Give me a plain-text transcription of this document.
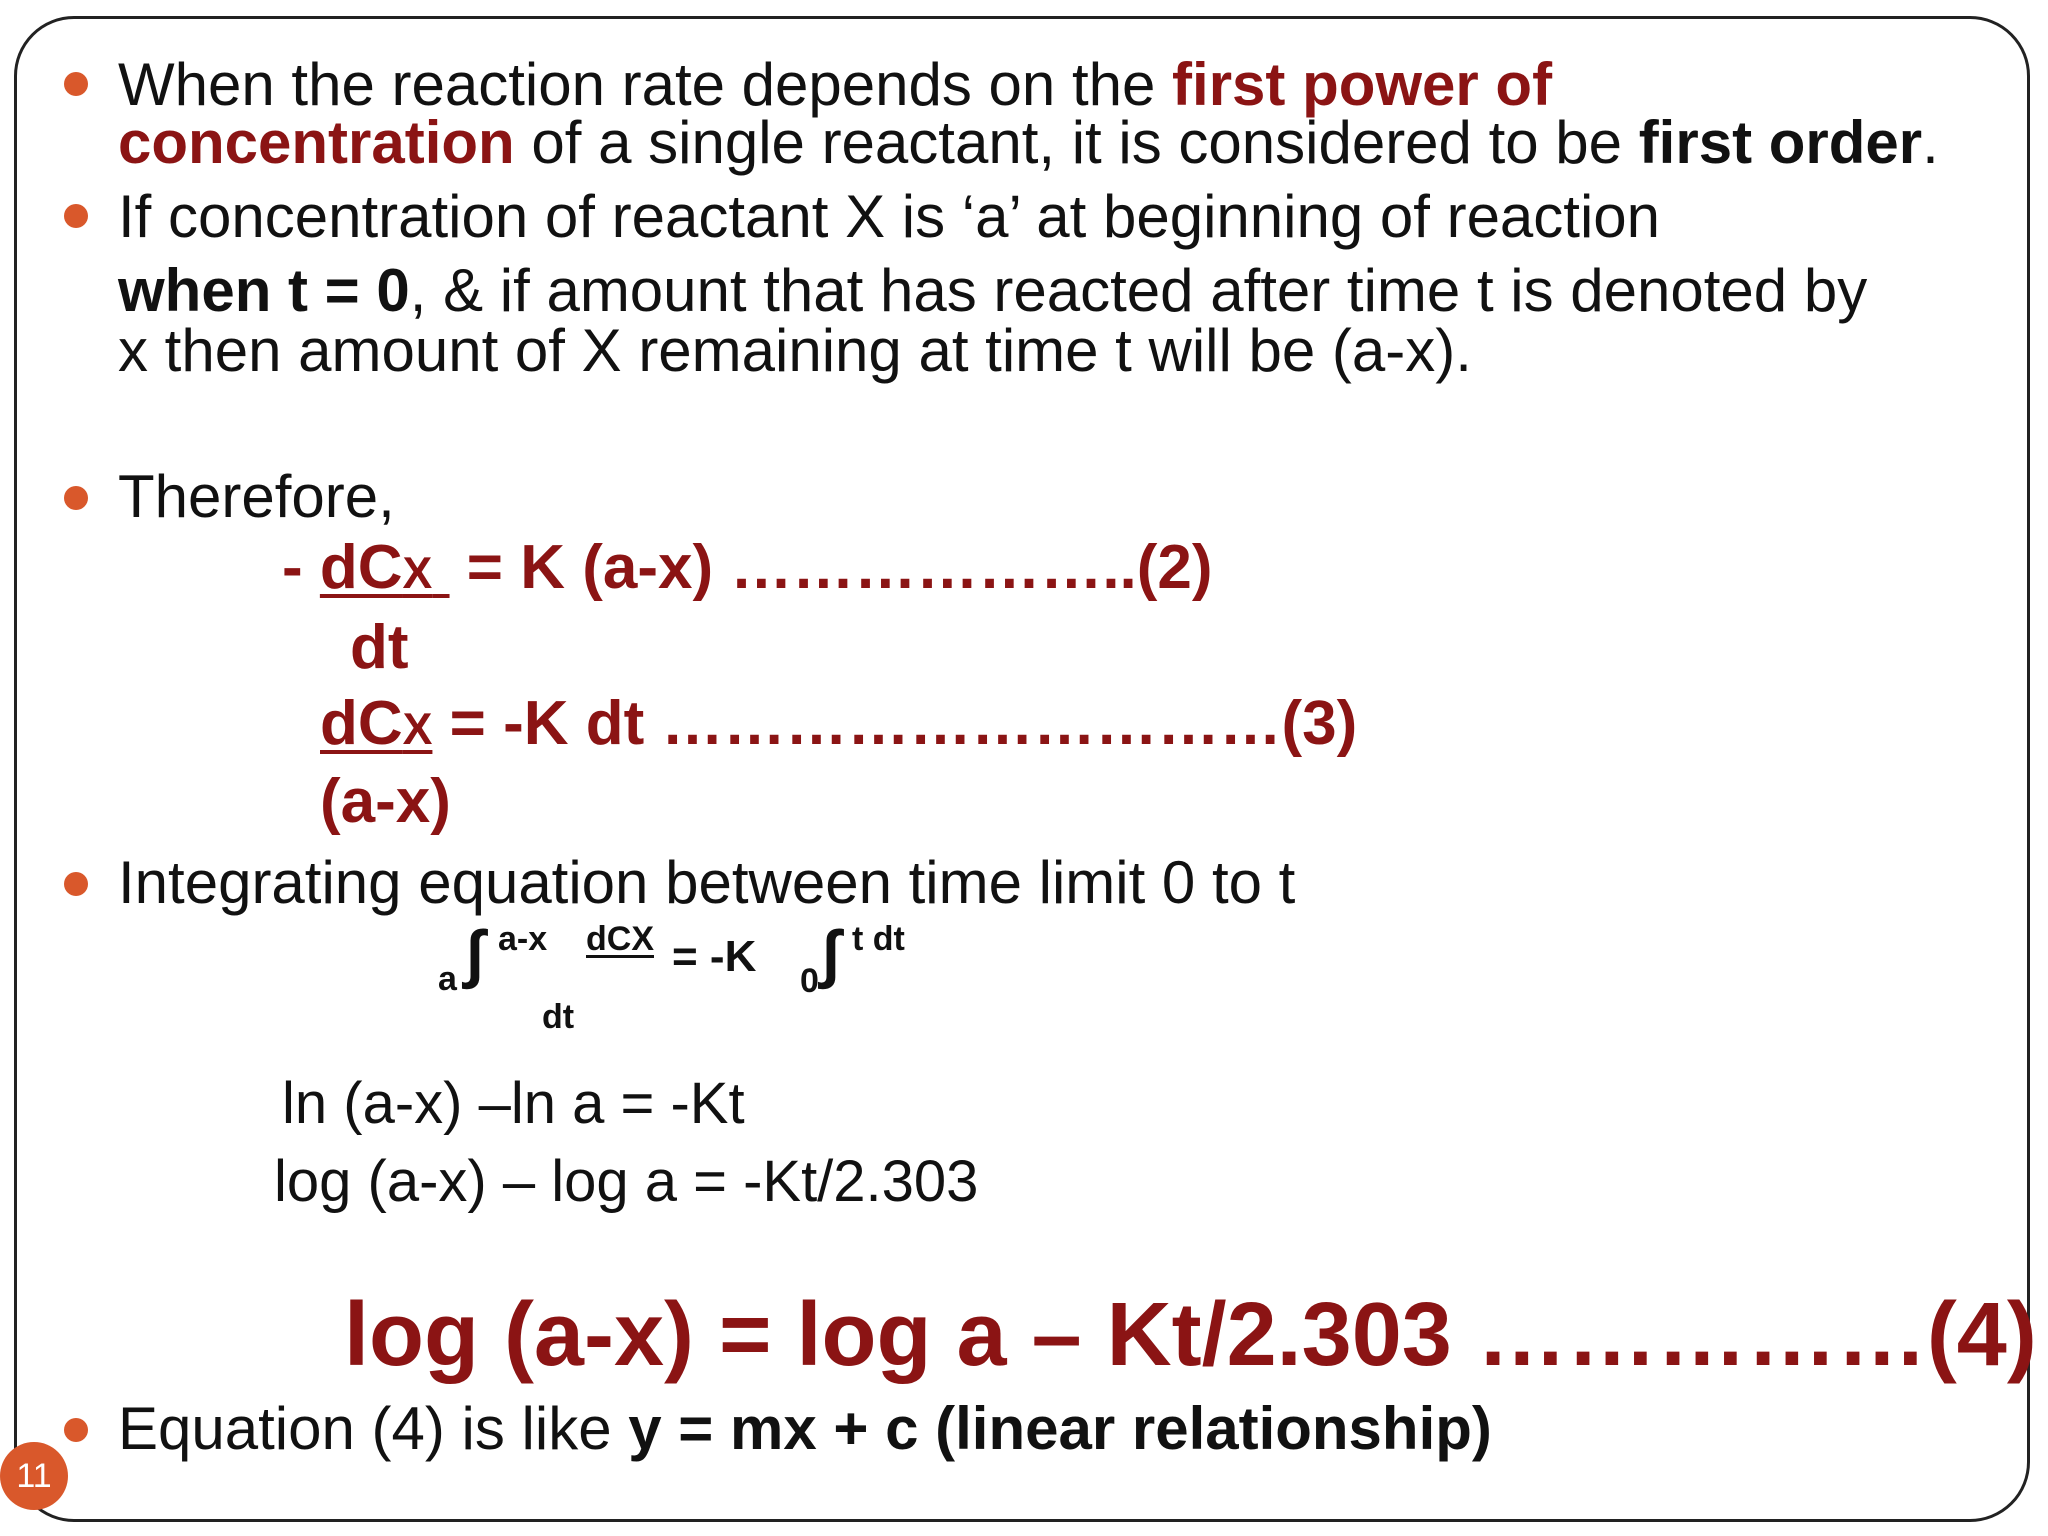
When the reaction rate depends on the first power of
concentration of a single reactant, it is considered to be first order.
If concentration of reactant X is ‘a’ at beginning of reaction
when t = 0, & if amount that has reacted after time t is denoted by
x then amount of X remaining at time t will be (a-x).
Therefore,
- dCX  = K (a-x) ………………..(2)
dt
dCX = -K dt …………………………(3)
(a-x)
Integrating equation between time limit 0 to t
a ∫ a-x dCX
dt
= -K 0 ∫ t dt
ln (a-x) –ln a = -Kt
log (a-x) – log a = -Kt/2.303
log (a-x) = log a – Kt/2.303 ……………(4)
Equation (4) is like y = mx + c (linear relationship)
11
